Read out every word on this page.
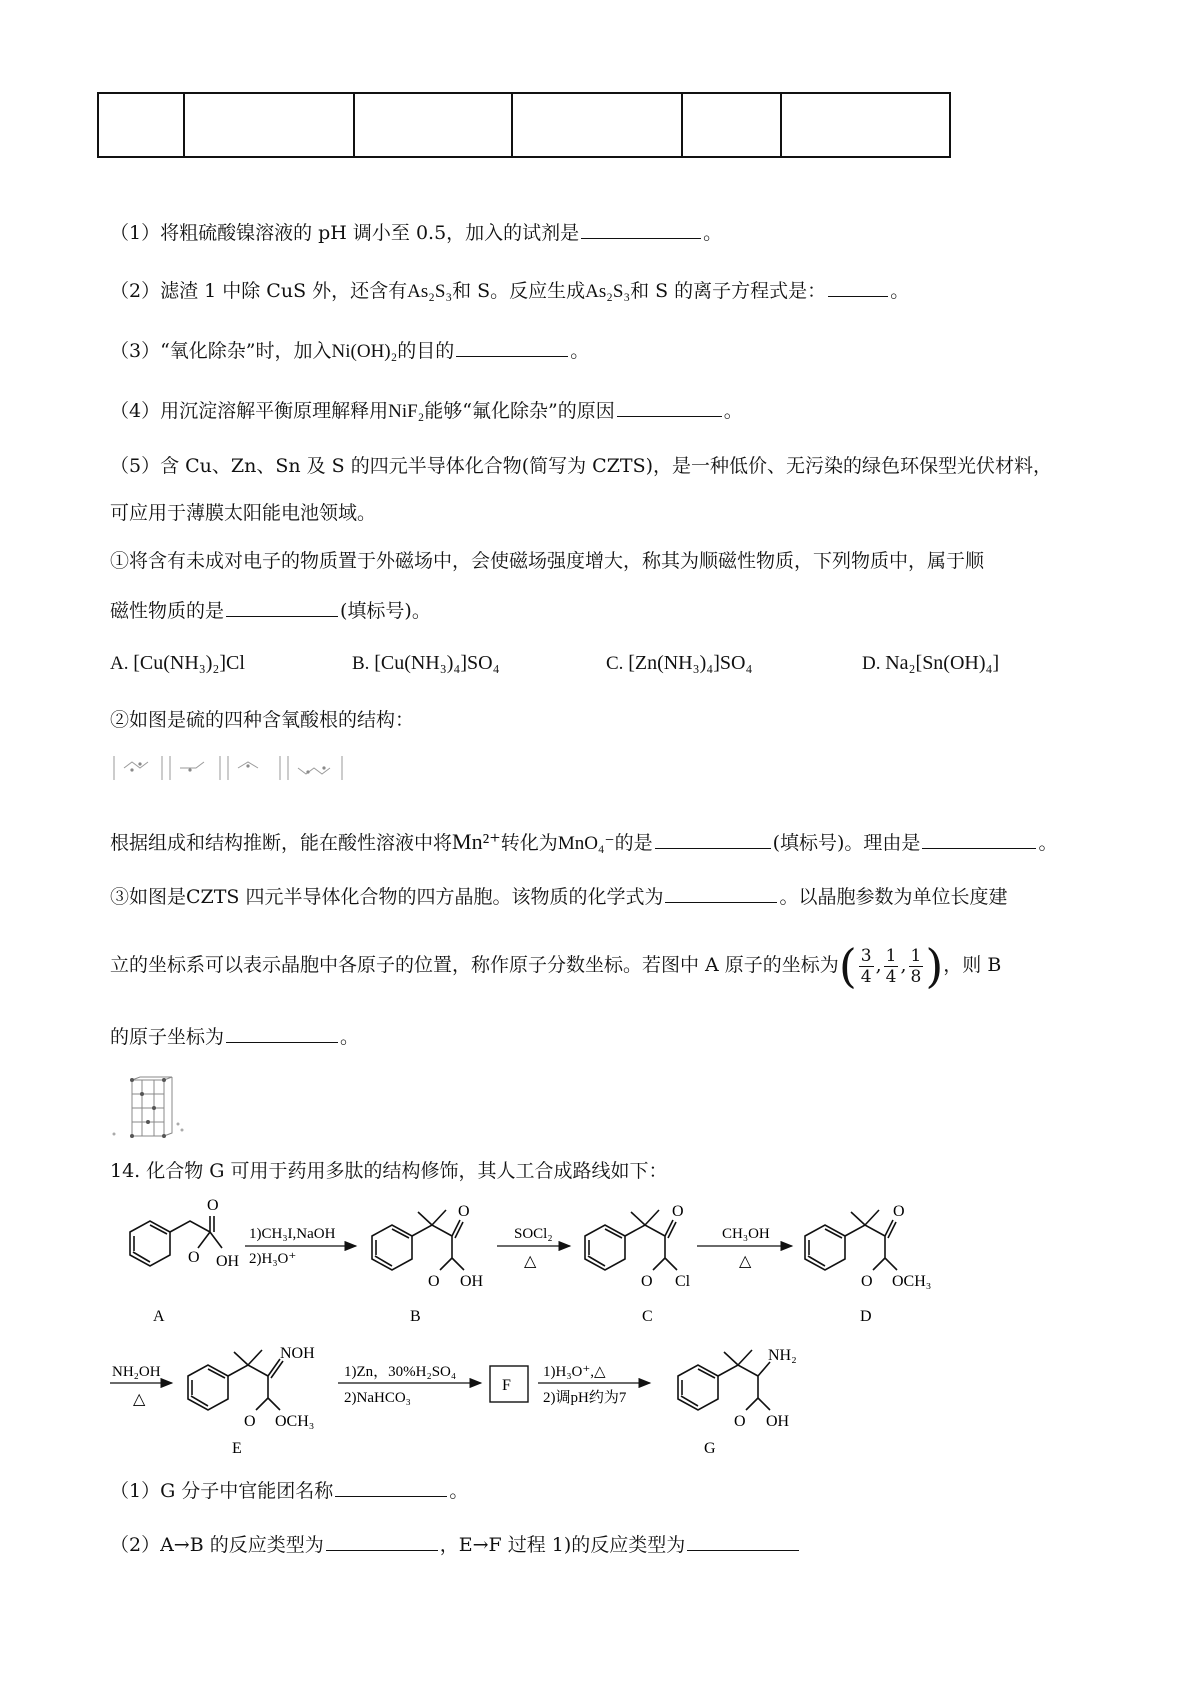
（1）将粗硫酸镍溶液的 pH 调小至 0.5，加入的试剂是	。
（2）滤渣 1 中除 CuS 外，还含有As₂S₃和 S。反应生成As₂S₃和 S 的离子方程式是：	。
（3）“氧化除杂”时，加入Ni(OH)₂的目的	。
（4）用沉淀溶解平衡原理解释用NiF₂能够“氟化除杂”的原因	。
（5）含 Cu、Zn、Sn 及 S 的四元半导体化合物(简写为 CZTS)，是一种低价、无污染的绿色环保型光伏材料，
可应用于薄膜太阳能电池领域。
①将含有未成对电子的物质置于外磁场中，会使磁场强度增大，称其为顺磁性物质，下列物质中，属于顺
磁性物质的是	(填标号)。
A. [Cu(NH₃)₂]Cl	B. [Cu(NH₃)₄]SO₄	C. [Zn(NH₃)₄]SO₄	D. Na₂[Sn(OH)₄]
②如图是硫的四种含氧酸根的结构：
根据组成和结构推断，能在酸性溶液中将Mn²⁺转化为MnO₄⁻的是	(填标号)。理由是	。
③如图是CZTS 四元半导体化合物的四方晶胞。该物质的化学式为	。以晶胞参数为单位长度建
立的坐标系可以表示晶胞中各原子的位置，称作原子分数坐标。若图中 A 原子的坐标为( $\frac{3}{4}$ , $\frac{1}{4}$ , $\frac{1}{8}$ )，则 B
的原子坐标为	。
14. 化合物 G 可用于药用多肽的结构修饰，其人工合成路线如下：
O
OH
O
O
O OH
O
O Cl
O
O OCH₃
1)CH₃I,NaOH
2)H₃O⁺
SOCl₂
△
CH₃OH
△
A	B	C	D
NH₂OH
△
1)Zn，30%H₂SO₄
2)NaHCO₃
1)H₃O⁺,△
2)调pH约为7
F
NOH
O OCH₃
NH₂
O OH
E	G
（1）G 分子中官能团名称	。
（2）A→B 的反应类型为	，E→F 过程 1)的反应类型为
